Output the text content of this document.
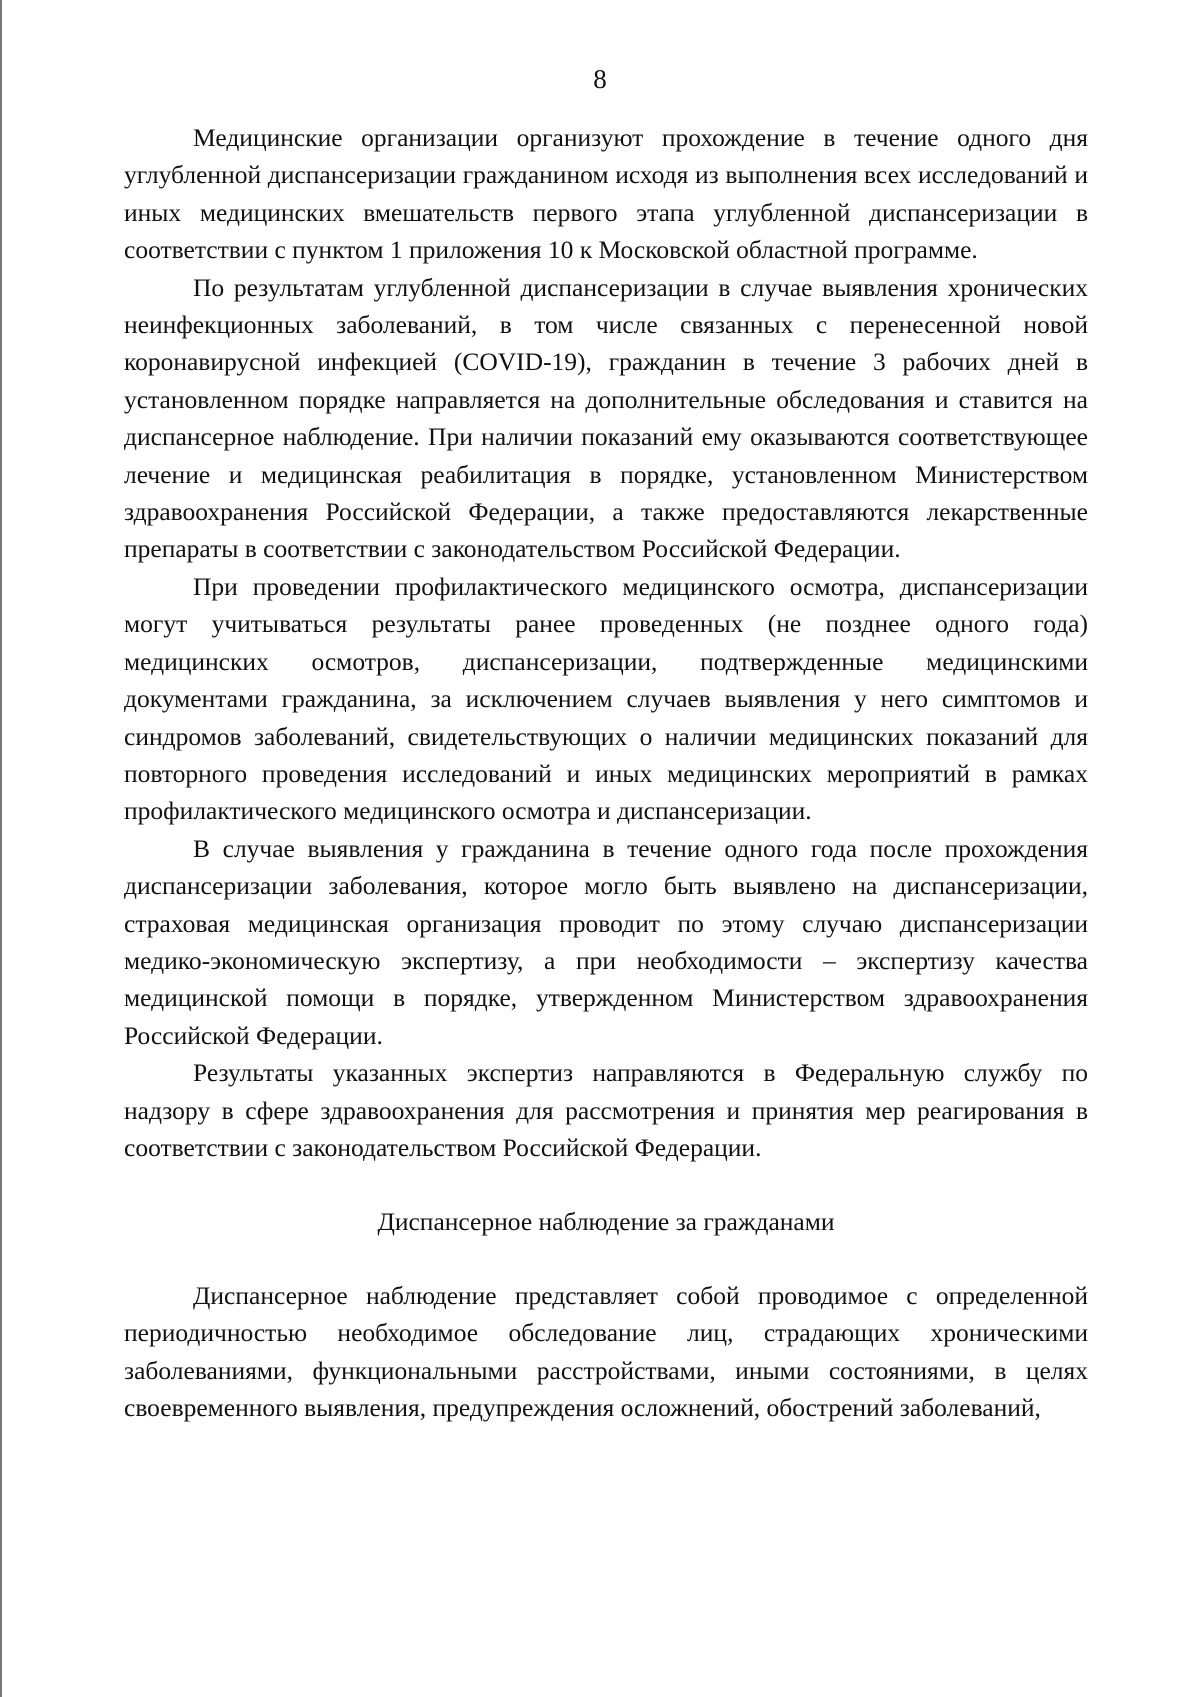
8

Медицинские организации организуют прохождение в течение одного дня углубленной диспансеризации гражданином исходя из выполнения всех исследований и иных медицинских вмешательств первого этапа углубленной диспансеризации в соответствии с пунктом 1 приложения 10 к Московской областной программе.

По результатам углубленной диспансеризации в случае выявления хронических неинфекционных заболеваний, в том числе связанных с перенесенной новой коронавирусной инфекцией (COVID-19), гражданин в течение 3 рабочих дней в установленном порядке направляется на дополнительные обследования и ставится на диспансерное наблюдение. При наличии показаний ему оказываются соответствующее лечение и медицинская реабилитация в порядке, установленном Министерством здравоохранения Российской Федерации, а также предоставляются лекарственные препараты в соответствии с законодательством Российской Федерации.

При проведении профилактического медицинского осмотра, диспансеризации могут учитываться результаты ранее проведенных (не позднее одного года) медицинских осмотров, диспансеризации, подтвержденные медицинскими документами гражданина, за исключением случаев выявления у него симптомов и синдромов заболеваний, свидетельствующих о наличии медицинских показаний для повторного проведения исследований и иных медицинских мероприятий в рамках профилактического медицинского осмотра и диспансеризации.

В случае выявления у гражданина в течение одного года после прохождения диспансеризации заболевания, которое могло быть выявлено на диспансеризации, страховая медицинская организация проводит по этому случаю диспансеризации медико-экономическую экспертизу, а при необходимости – экспертизу качества медицинской помощи в порядке, утвержденном Министерством здравоохранения Российской Федерации.

Результаты указанных экспертиз направляются в Федеральную службу по надзору в сфере здравоохранения для рассмотрения и принятия мер реагирования в соответствии с законодательством Российской Федерации.

Диспансерное наблюдение за гражданами

Диспансерное наблюдение представляет собой проводимое с определенной периодичностью необходимое обследование лиц, страдающих хроническими заболеваниями, функциональными расстройствами, иными состояниями, в целях своевременного выявления, предупреждения осложнений, обострений заболеваний,
